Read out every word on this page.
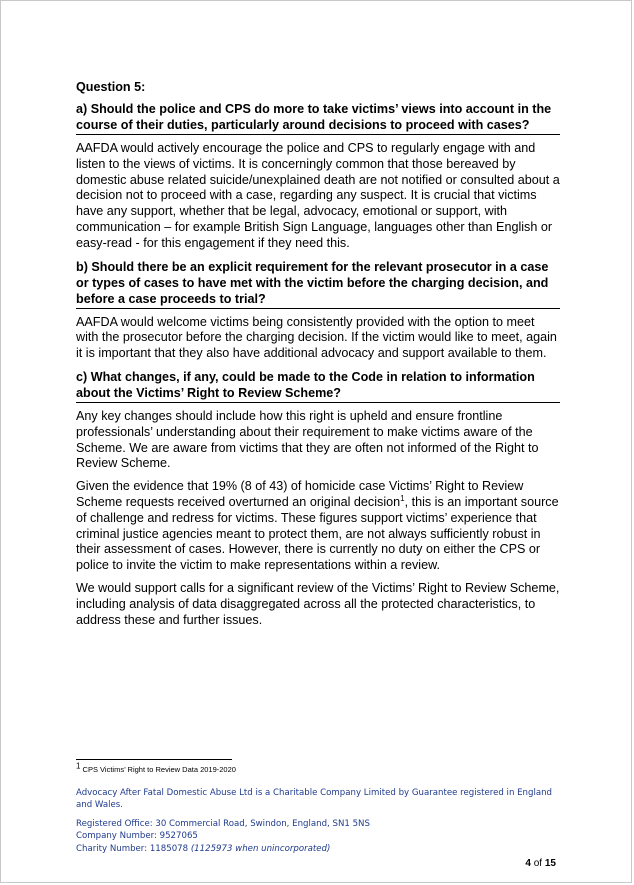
Question 5:
a) Should the police and CPS do more to take victims’ views into account in the course of their duties, particularly around decisions to proceed with cases?

AAFDA would actively encourage the police and CPS to regularly engage with and listen to the views of victims. It is concerningly common that those bereaved by domestic abuse related suicide/unexplained death are not notified or consulted about a decision not to proceed with a case, regarding any suspect. It is crucial that victims have any support, whether that be legal, advocacy, emotional or support, with communication – for example British Sign Language, languages other than English or easy-read - for this engagement if they need this.

b) Should there be an explicit requirement for the relevant prosecutor in a case or types of cases to have met with the victim before the charging decision, and before a case proceeds to trial?

AAFDA would welcome victims being consistently provided with the option to meet with the prosecutor before the charging decision. If the victim would like to meet, again it is important that they also have additional advocacy and support available to them.

c) What changes, if any, could be made to the Code in relation to information about the Victims’ Right to Review Scheme?

Any key changes should include how this right is upheld and ensure frontline professionals’ understanding about their requirement to make victims aware of the Scheme. We are aware from victims that they are often not informed of the Right to Review Scheme.

Given the evidence that 19% (8 of 43) of homicide case Victims’ Right to Review Scheme requests received overturned an original decision$^1$, this is an important source of challenge and redress for victims. These figures support victims’ experience that criminal justice agencies meant to protect them, are not always sufficiently robust in their assessment of cases. However, there is currently no duty on either the CPS or police to invite the victim to make representations within a review.

We would support calls for a significant review of the Victims’ Right to Review Scheme, including analysis of data disaggregated across all the protected characteristics, to address these and further issues.

$^1$ CPS Victims’ Right to Review Data 2019-2020

Advocacy After Fatal Domestic Abuse Ltd is a Charitable Company Limited by Guarantee registered in England and Wales.

Registered Office: 30 Commercial Road, Swindon, England, SN1 5NS

Company Number: 9527065

Charity Number: 1185078 (1125973 when unincorporated)

4 of 15
